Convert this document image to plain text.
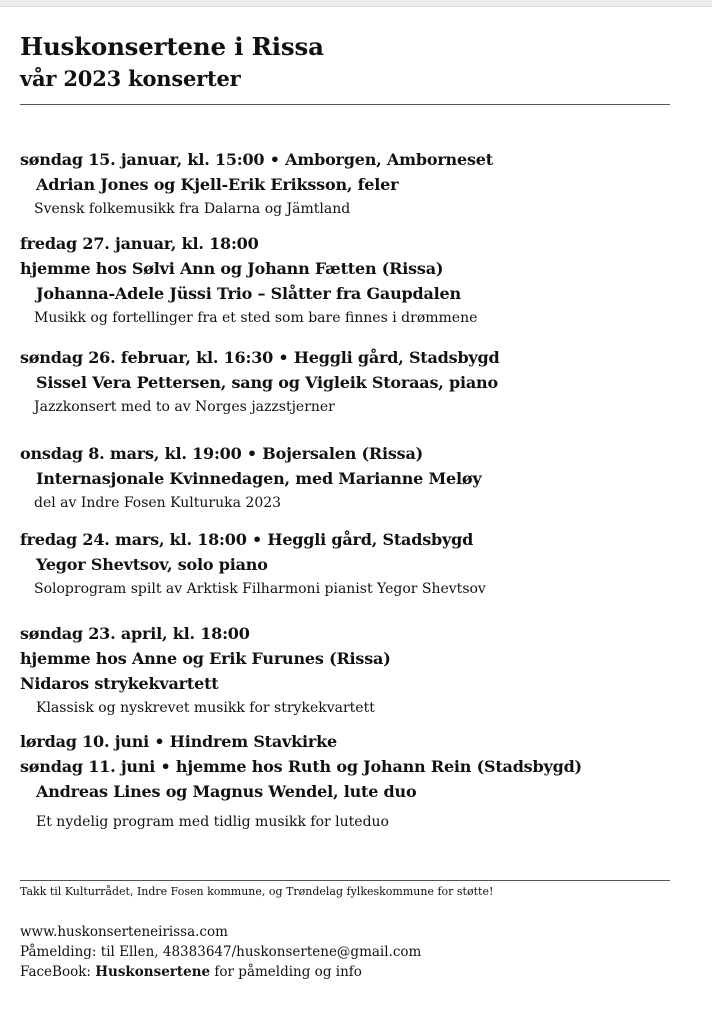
Huskonsertene i Rissa
vår 2023 konserter
søndag 15. januar, kl. 15:00 • Amborgen, Amborneset
Adrian Jones og Kjell-Erik Eriksson, feler
Svensk folkemusikk fra Dalarna og Jämtland
fredag 27. januar, kl. 18:00
hjemme hos Sølvi Ann og Johann Fætten (Rissa)
Johanna-Adele Jüssi Trio – Slåtter fra Gaupdalen
Musikk og fortellinger fra et sted som bare finnes i drømmene
søndag 26. februar, kl. 16:30 • Heggli gård, Stadsbygd
Sissel Vera Pettersen, sang og Vigleik Storaas, piano
Jazzkonsert med to av Norges jazzstjerner
onsdag 8. mars, kl. 19:00 • Bojersalen (Rissa)
Internasjonale Kvinnedagen, med Marianne Meløy
del av Indre Fosen Kulturuka 2023
fredag 24. mars, kl. 18:00 • Heggli gård, Stadsbygd
Yegor Shevtsov, solo piano
Soloprogram spilt av Arktisk Filharmoni pianist Yegor Shevtsov
søndag 23. april, kl. 18:00
hjemme hos Anne og Erik Furunes (Rissa)
Nidaros strykekvartett
Klassisk og nyskrevet musikk for strykekvartett
lørdag 10. juni • Hindrem Stavkirke
søndag 11. juni • hjemme hos Ruth og Johann Rein (Stadsbygd)
Andreas Lines og Magnus Wendel, lute duo
Et nydelig program med tidlig musikk for luteduo
Takk til Kulturrådet, Indre Fosen kommune, og Trøndelag fylkeskommune for støtte!
www.huskonserteneirissa.com
Påmelding: til Ellen, 48383647/huskonsertene@gmail.com
FaceBook: Huskonsertene for påmelding og info
